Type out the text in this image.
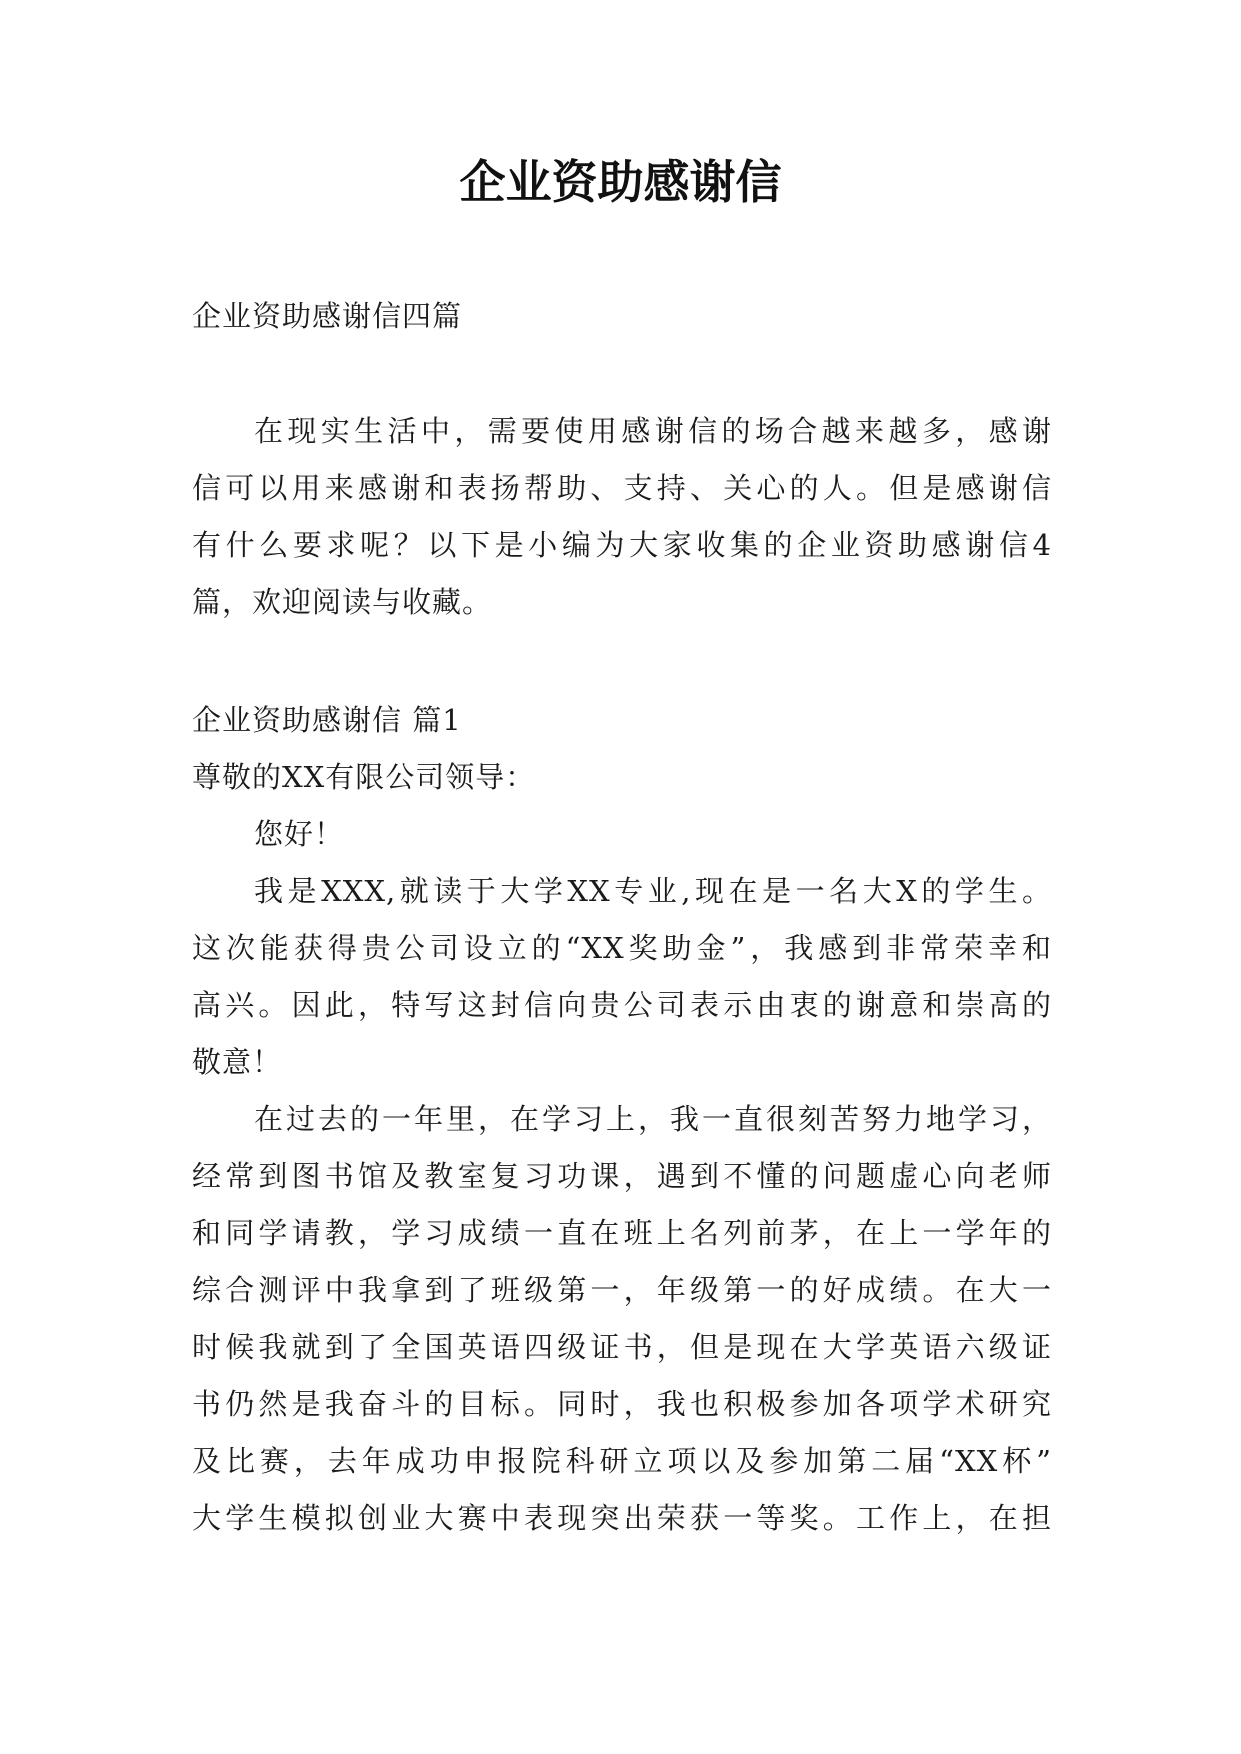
企业资助感谢信

企业资助感谢信四篇

在现实生活中，需要使用感谢信的场合越来越多，感谢

信可以用来感谢和表扬帮助、支持、关心的人。但是感谢信

有什么要求呢？以下是小编为大家收集的企业资助感谢信4

篇，欢迎阅读与收藏。

企业资助感谢信 篇1

尊敬的XX有限公司领导：

您好！

我是XXX,就读于大学XX专业,现在是一名大X的学生。

这次能获得贵公司设立的“XX奖助金”，我感到非常荣幸和

高兴。因此，特写这封信向贵公司表示由衷的谢意和崇高的

敬意！

在过去的一年里，在学习上，我一直很刻苦努力地学习，

经常到图书馆及教室复习功课，遇到不懂的问题虚心向老师

和同学请教，学习成绩一直在班上名列前茅，在上一学年的

综合测评中我拿到了班级第一，年级第一的好成绩。在大一

时候我就到了全国英语四级证书，但是现在大学英语六级证

书仍然是我奋斗的目标。同时，我也积极参加各项学术研究

及比赛，去年成功申报院科研立项以及参加第二届“XX杯”

大学生模拟创业大赛中表现突出荣获一等奖。工作上，在担
